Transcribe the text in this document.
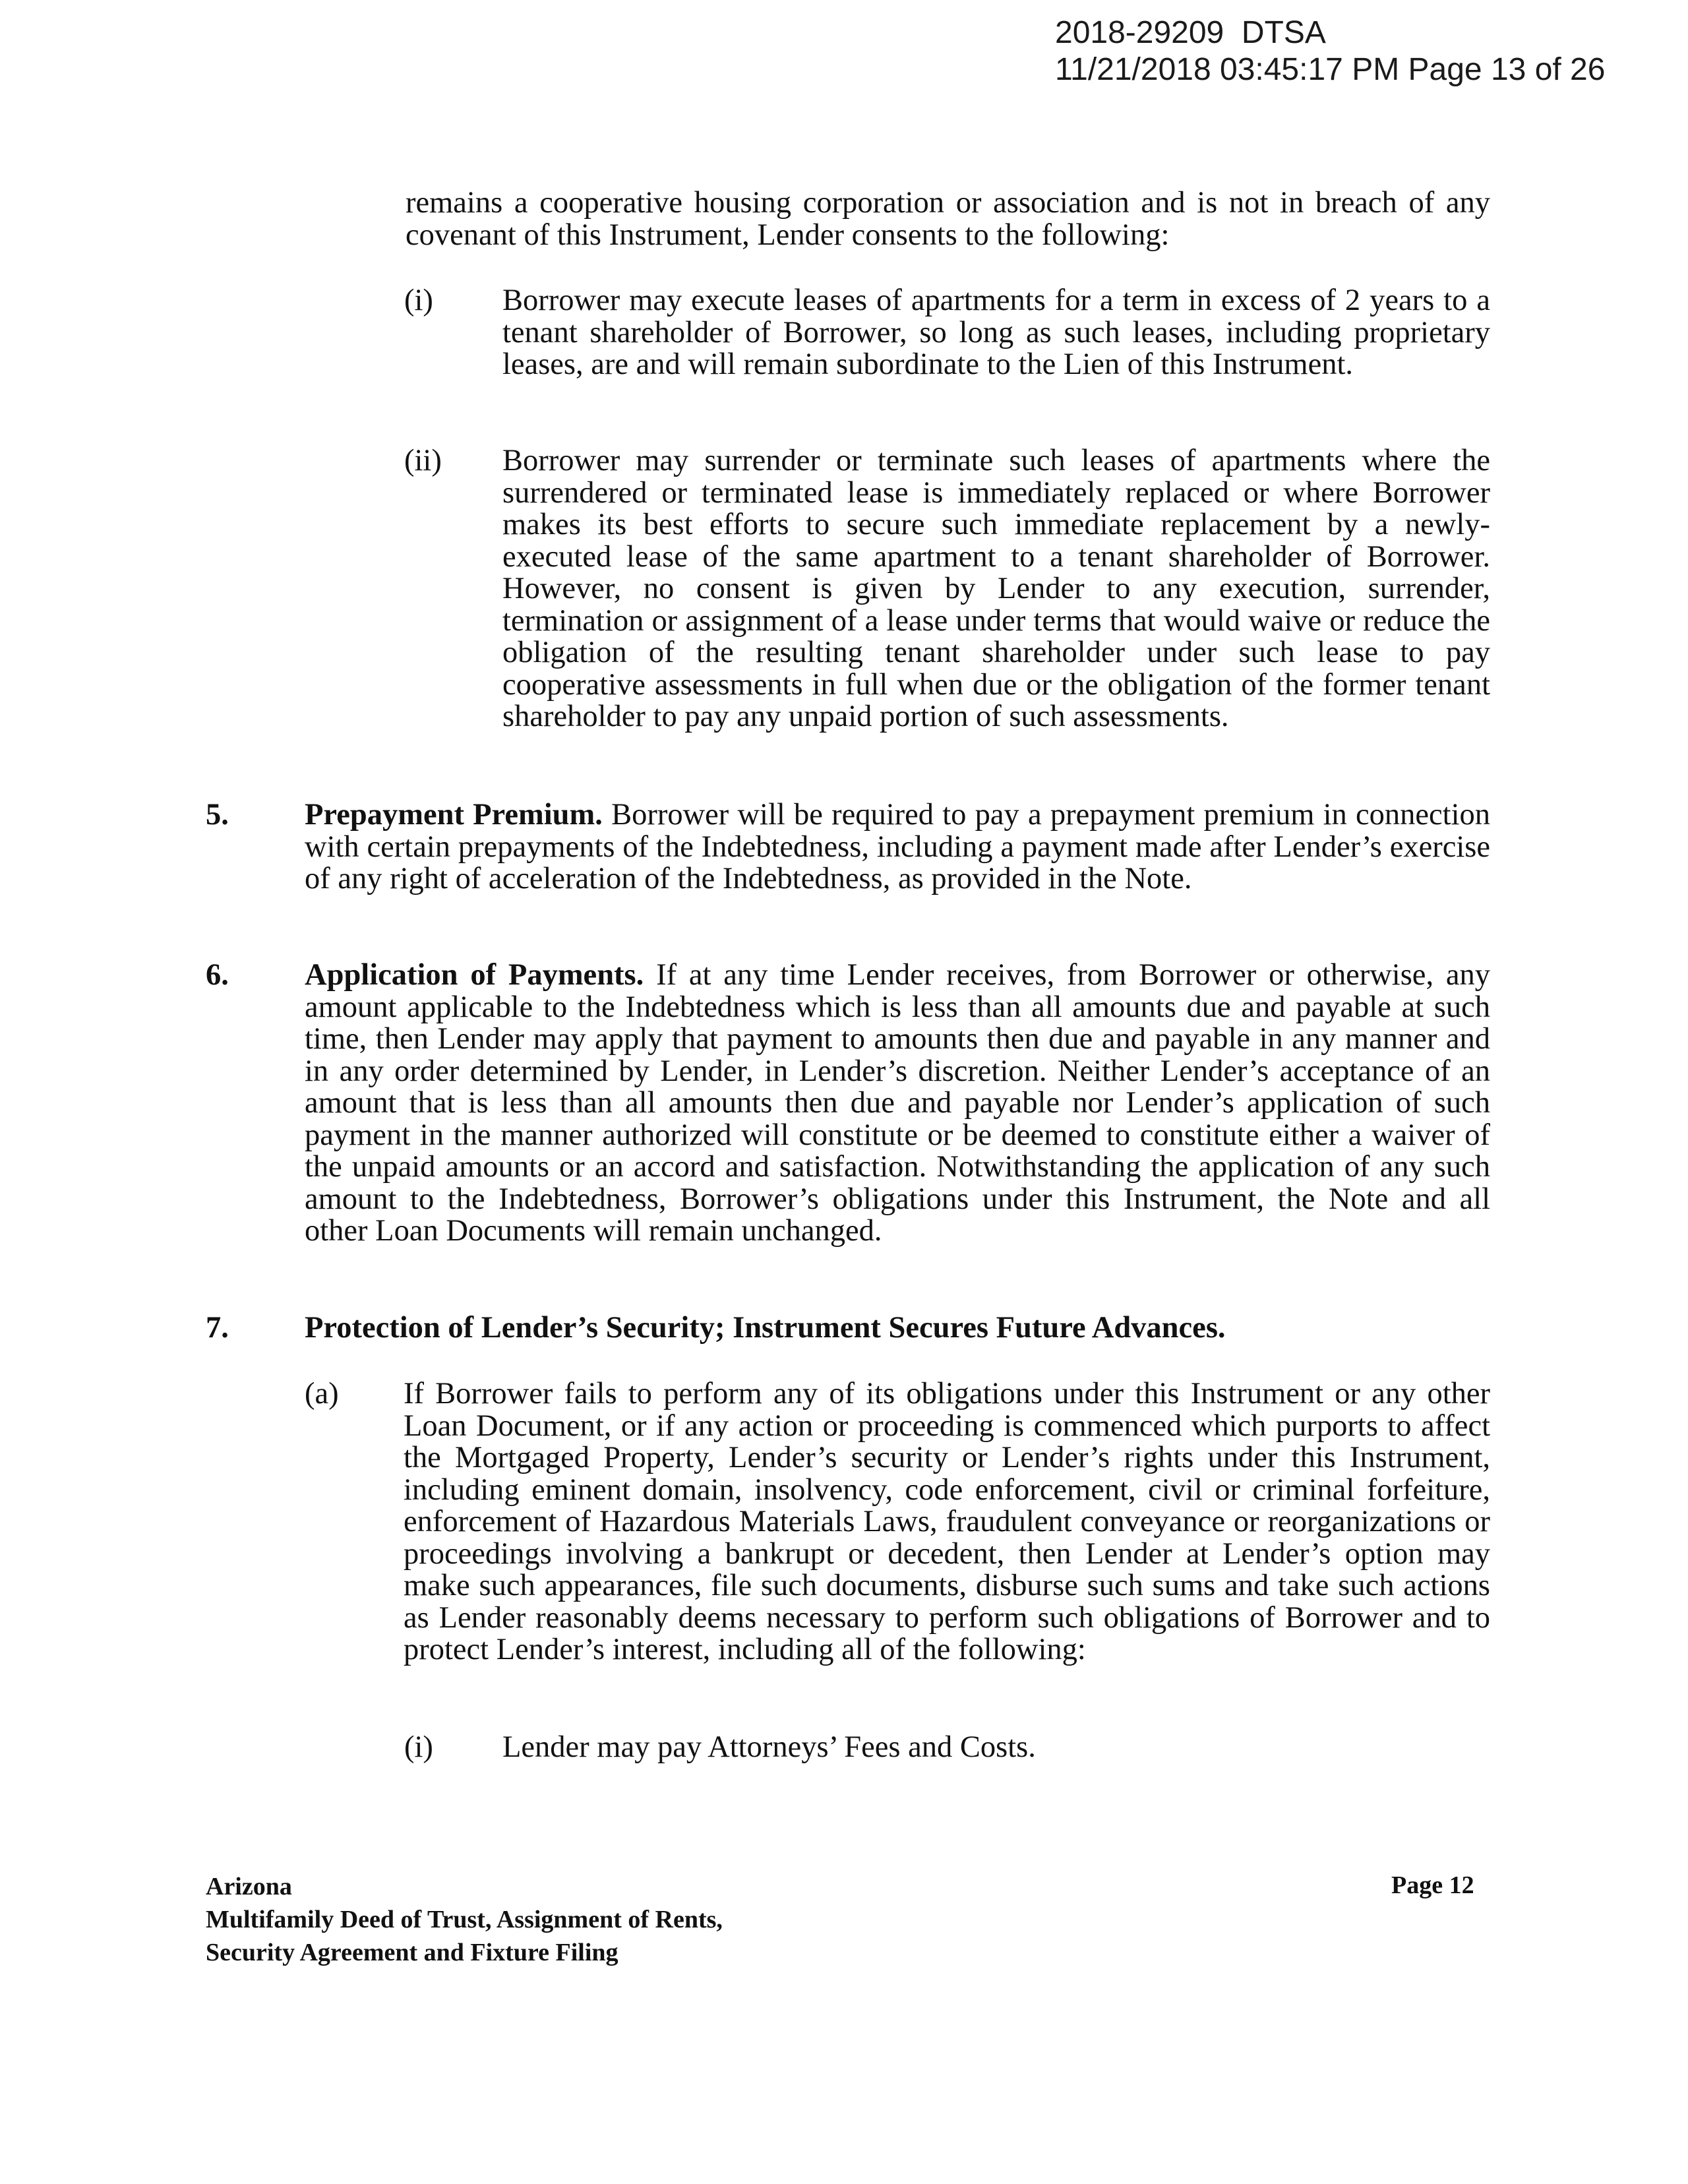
2018-29209  DTSA
11/21/2018 03:45:17 PM Page 13 of 26

remains a cooperative housing corporation or association and is not in breach of any covenant of this Instrument, Lender consents to the following:

(i) Borrower may execute leases of apartments for a term in excess of 2 years to a tenant shareholder of Borrower, so long as such leases, including proprietary leases, are and will remain subordinate to the Lien of this Instrument.

(ii) Borrower may surrender or terminate such leases of apartments where the surrendered or terminated lease is immediately replaced or where Borrower makes its best efforts to secure such immediate replacement by a newly-executed lease of the same apartment to a tenant shareholder of Borrower. However, no consent is given by Lender to any execution, surrender, termination or assignment of a lease under terms that would waive or reduce the obligation of the resulting tenant shareholder under such lease to pay cooperative assessments in full when due or the obligation of the former tenant shareholder to pay any unpaid portion of such assessments.

5. Prepayment Premium. Borrower will be required to pay a prepayment premium in connection with certain prepayments of the Indebtedness, including a payment made after Lender’s exercise of any right of acceleration of the Indebtedness, as provided in the Note.

6. Application of Payments. If at any time Lender receives, from Borrower or otherwise, any amount applicable to the Indebtedness which is less than all amounts due and payable at such time, then Lender may apply that payment to amounts then due and payable in any manner and in any order determined by Lender, in Lender’s discretion. Neither Lender’s acceptance of an amount that is less than all amounts then due and payable nor Lender’s application of such payment in the manner authorized will constitute or be deemed to constitute either a waiver of the unpaid amounts or an accord and satisfaction. Notwithstanding the application of any such amount to the Indebtedness, Borrower’s obligations under this Instrument, the Note and all other Loan Documents will remain unchanged.

7. Protection of Lender’s Security; Instrument Secures Future Advances.

(a) If Borrower fails to perform any of its obligations under this Instrument or any other Loan Document, or if any action or proceeding is commenced which purports to affect the Mortgaged Property, Lender’s security or Lender’s rights under this Instrument, including eminent domain, insolvency, code enforcement, civil or criminal forfeiture, enforcement of Hazardous Materials Laws, fraudulent conveyance or reorganizations or proceedings involving a bankrupt or decedent, then Lender at Lender’s option may make such appearances, file such documents, disburse such sums and take such actions as Lender reasonably deems necessary to perform such obligations of Borrower and to protect Lender’s interest, including all of the following:

(i) Lender may pay Attorneys’ Fees and Costs.

Arizona
Multifamily Deed of Trust, Assignment of Rents,
Security Agreement and Fixture Filing
Page 12
